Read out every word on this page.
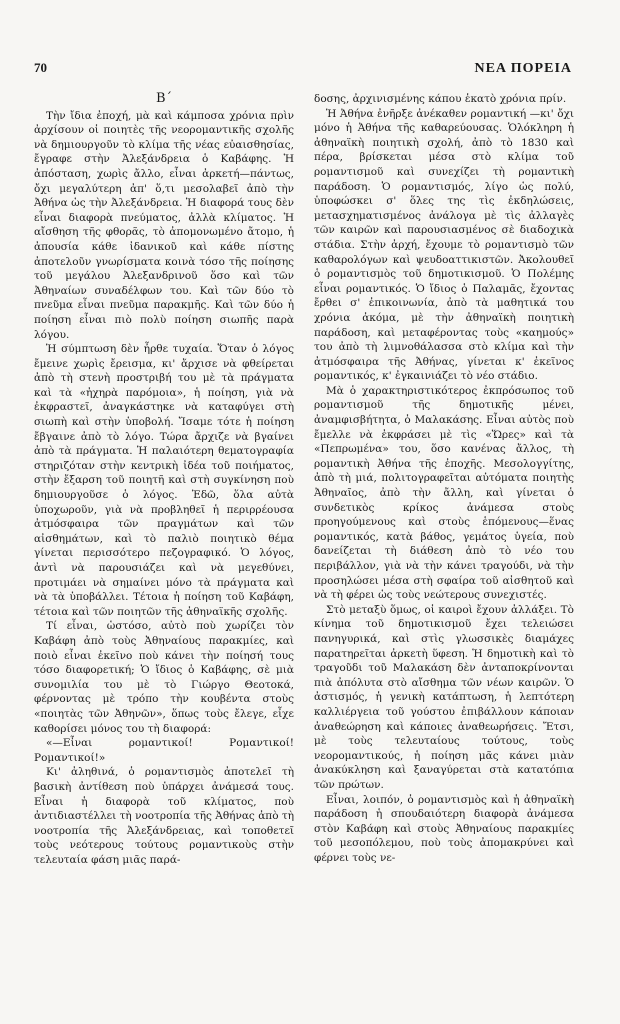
70	ΝΕΑ ΠΟΡΕΙΑ
Β΄

Τὴν ἴδια ἐποχή, μὰ καὶ κάμποσα χρόνια πρὶν ἀρχίσουν οἱ ποιητὲς τῆς νεορομαντικῆς σχολῆς νὰ δημιουργοῦν τὸ κλίμα τῆς νέας εὐαισθησίας, ἔγραφε στὴν Ἀλεξάνδρεια ὁ Καβάφης. Ἡ ἀπόσταση, χωρὶς ἄλλο, εἶναι ἀρκετή—πάντως, ὄχι μεγαλύτερη ἀπ' ὅ,τι μεσολαβεῖ ἀπὸ τὴν Ἀθήνα ὡς τὴν Ἀλεξάνδρεια. Ἡ διαφορά τους δὲν εἶναι διαφορὰ πνεύματος, ἀλλὰ κλίματος. Ἡ αἴσθηση τῆς φθορᾶς, τὸ ἀπομονωμένο ἄτομο, ἡ ἀπουσία κάθε ἰδανικοῦ καὶ κάθε πίστης ἀποτελοῦν γνωρίσματα κοινὰ τόσο τῆς ποίησης τοῦ μεγάλου Ἀλεξανδρινοῦ ὅσο καὶ τῶν Ἀθηναίων συναδέλφων του. Καὶ τῶν δύο τὸ πνεῦμα εἶναι πνεῦμα παρακμῆς. Καὶ τῶν δύο ἡ ποίηση εἶναι πιὸ πολὺ ποίηση σιωπῆς παρὰ λόγου.

Ἡ σύμπτωση δὲν ἦρθε τυχαία. Ὅταν ὁ λόγος ἔμεινε χωρὶς ἔρεισμα, κι' ἄρχισε νὰ φθείρεται ἀπὸ τὴ στενὴ προστριβή του μὲ τὰ πράγματα καὶ τὰ «ἠχηρὰ παρόμοια», ἡ ποίηση, γιὰ νὰ ἐκφραστεῖ, ἀναγκάστηκε νὰ καταφύγει στὴ σιωπὴ καὶ στὴν ὑποβολή. Ἴσαμε τότε ἡ ποίηση ἔβγαινε ἀπὸ τὸ λόγο. Τώρα ἄρχιζε νὰ βγαίνει ἀπὸ τὰ πράγματα. Ἡ παλαιότερη θεματογραφία στηριζόταν στὴν κεντρικὴ ἰδέα τοῦ ποιήματος, στὴν ἔξαρση τοῦ ποιητῆ καὶ στὴ συγκίνηση ποὺ δημιουργοῦσε ὁ λόγος. Ἐδῶ, ὅλα αὐτὰ ὑποχωροῦν, γιὰ νὰ προβληθεῖ ἡ περιρρέουσα ἀτμόσφαιρα τῶν πραγμάτων καὶ τῶν αἰσθημάτων, καὶ τὸ παλιὸ ποιητικὸ θέμα γίνεται περισσότερο πεζογραφικό. Ὁ λόγος, ἀντὶ νὰ παρουσιάζει καὶ νὰ μεγεθύνει, προτιμάει νὰ σημαίνει μόνο τὰ πράγματα καὶ νὰ τὰ ὑποβάλλει. Τέτοια ἡ ποίηση τοῦ Καβάφη, τέτοια καὶ τῶν ποιητῶν τῆς ἀθηναϊκῆς σχολῆς.

Τί εἶναι, ὡστόσο, αὐτὸ ποὺ χωρίζει τὸν Καβάφη ἀπὸ τοὺς Ἀθηναίους παρακμίες, καὶ ποιὸ εἶναι ἐκεῖνο ποὺ κάνει τὴν ποίησή τους τόσο διαφορετική; Ὁ ἴδιος ὁ Καβάφης, σὲ μιὰ συνομιλία του μὲ τὸ Γιώργο Θεοτοκά, φέρνοντας μὲ τρόπο τὴν κουβέντα στοὺς «ποιητὰς τῶν Ἀθηνῶν», ὅπως τοὺς ἔλεγε, εἶχε καθορίσει μόνος του τὴ διαφορά:

«—Εἶναι ρομαντικοί! Ρομαντικοί! Ρομαντικοί!»

Κι' ἀληθινά, ὁ ρομαντισμὸς ἀποτελεῖ τὴ βασικὴ ἀντίθεση ποὺ ὑπάρχει ἀνάμεσά τους. Εἶναι ἡ διαφορὰ τοῦ κλίματος, ποὺ ἀντιδιαστέλλει τὴ νοοτροπία τῆς Ἀθήνας ἀπὸ τὴ νοοτροπία τῆς Ἀλεξάνδρειας, καὶ τοποθετεῖ τοὺς νεότερους τούτους ρομαντικοὺς στὴν τελευταία φάση μιᾶς παρά-

δοσης, ἀρχινισμένης κάπου ἑκατὸ χρόνια πρίν.

Ἡ Ἀθήνα ἐνῆρξε ἀνέκαθεν ρομαντική —κι' ὄχι μόνο ἡ Ἀθήνα τῆς καθαρεύουσας. Ὁλόκληρη ἡ ἀθηναϊκὴ ποιητικὴ σχολή, ἀπὸ τὸ 1830 καὶ πέρα, βρίσκεται μέσα στὸ κλίμα τοῦ ρομαντισμοῦ καὶ συνεχίζει τὴ ρομαντικὴ παράδοση. Ὁ ρομαντισμός, λίγο ὡς πολύ, ὑποφώσκει σ' ὅλες της τὶς ἐκδηλώσεις, μετασχηματισμένος ἀνάλογα μὲ τὶς ἀλλαγὲς τῶν καιρῶν καὶ παρουσιασμένος σὲ διαδοχικὰ στάδια. Στὴν ἀρχή, ἔχουμε τὸ ρομαντισμὸ τῶν καθαρολόγων καὶ ψευδοαττικιστῶν. Ἀκολουθεῖ ὁ ρομαντισμὸς τοῦ δημοτικισμοῦ. Ὁ Πολέμης εἶναι ρομαντικός. Ὁ ἴδιος ὁ Παλαμᾶς, ἔχοντας ἔρθει σ' ἐπικοινωνία, ἀπὸ τὰ μαθητικά του χρόνια ἀκόμα, μὲ τὴν ἀθηναϊκὴ ποιητικὴ παράδοση, καὶ μεταφέροντας τοὺς «καημούς» του ἀπὸ τὴ λιμνοθάλασσα στὸ κλίμα καὶ τὴν ἀτμόσφαιρα τῆς Ἀθήνας, γίνεται κ' ἐκεῖνος ρομαντικός, κ' ἐγκαινιάζει τὸ νέο στάδιο.

Μὰ ὁ χαρακτηριστικότερος ἐκπρόσωπος τοῦ ρομαντισμοῦ τῆς δημοτικῆς μένει, ἀναμφισβήτητα, ὁ Μαλακάσης. Εἶναι αὐτὸς ποὺ ἔμελλε νὰ ἐκφράσει μὲ τὶς «Ὥρες» καὶ τὰ «Πεπρωμένα» του, ὅσο κανένας ἄλλος, τὴ ρομαντικὴ Ἀθήνα τῆς ἐποχῆς. Μεσολογγίτης, ἀπὸ τὴ μιά, πολιτογραφεῖται αὐτόματα ποιητὴς Ἀθηναῖος, ἀπὸ τὴν ἄλλη, καὶ γίνεται ὁ συνδετικὸς κρίκος ἀνάμεσα στοὺς προηγούμενους καὶ στοὺς ἑπόμενους—ἕνας ρομαντικός, κατὰ βάθος, γεμάτος ὑγεία, ποὺ δανείζεται τὴ διάθεση ἀπὸ τὸ νέο του περιβάλλον, γιὰ νὰ τὴν κάνει τραγούδι, νὰ τὴν προσηλώσει μέσα στὴ σφαίρα τοῦ αἰσθητοῦ καὶ νὰ τὴ φέρει ὡς τοὺς νεώτερους συνεχιστές.

Στὸ μεταξὺ ὅμως, οἱ καιροὶ ἔχουν ἀλλάξει. Τὸ κίνημα τοῦ δημοτικισμοῦ ἔχει τελειώσει πανηγυρικά, καὶ στὶς γλωσσικὲς διαμάχες παρατηρεῖται ἀρκετὴ ὕφεση. Ἡ δημοτικὴ καὶ τὸ τραγοῦδι τοῦ Μαλακάση δὲν ἀνταποκρίνονται πιὰ ἀπόλυτα στὸ αἴσθημα τῶν νέων καιρῶν. Ὁ ἀστισμός, ἡ γενικὴ κατάπτωση, ἡ λεπτότερη καλλιέργεια τοῦ γούστου ἐπιβάλλουν κάποιαν ἀναθεώρηση καὶ κάποιες ἀναθεωρήσεις. Ἔτσι, μὲ τοὺς τελευταίους τούτους, τοὺς νεορομαντικούς, ἡ ποίηση μᾶς κάνει μιὰν ἀνακύκληση καὶ ξαναγύρεται στὰ κατατόπια τῶν πρώτων.

Εἶναι, λοιπόν, ὁ ρομαντισμὸς καὶ ἡ ἀθηναϊκὴ παράδοση ἡ σπουδαιότερη διαφορὰ ἀνάμεσα στὸν Καβάφη καὶ στοὺς Ἀθηναίους παρακμίες τοῦ μεσοπόλεμου, ποὺ τοὺς ἀπομακρύνει καὶ φέρνει τοὺς νε-
